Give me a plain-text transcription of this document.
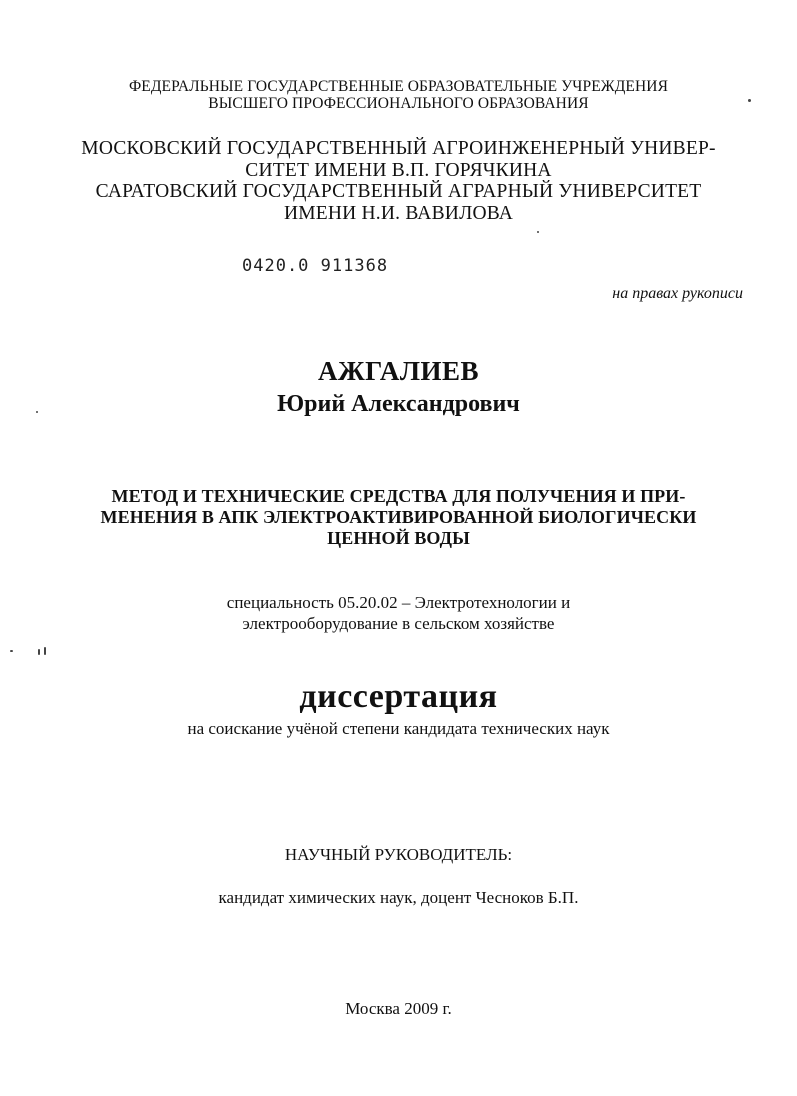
ФЕДЕРАЛЬНЫЕ ГОСУДАРСТВЕННЫЕ ОБРАЗОВАТЕЛЬНЫЕ УЧРЕЖДЕНИЯ
ВЫСШЕГО ПРОФЕССИОНАЛЬНОГО ОБРАЗОВАНИЯ
МОСКОВСКИЙ ГОСУДАРСТВЕННЫЙ АГРОИНЖЕНЕРНЫЙ УНИВЕР-
СИТЕТ ИМЕНИ В.П. ГОРЯЧКИНА
САРАТОВСКИЙ ГОСУДАРСТВЕННЫЙ АГРАРНЫЙ УНИВЕРСИТЕТ
ИМЕНИ Н.И. ВАВИЛОВА
0420.0 911368
на правах рукописи
АЖГАЛИЕВ
Юрий Александрович
МЕТОД И ТЕХНИЧЕСКИЕ СРЕДСТВА ДЛЯ ПОЛУЧЕНИЯ И ПРИ-
МЕНЕНИЯ В АПК ЭЛЕКТРОАКТИВИРОВАННОЙ БИОЛОГИЧЕСКИ
ЦЕННОЙ ВОДЫ
специальность 05.20.02 – Электротехнологии и
электрооборудование в сельском хозяйстве
диссертация
на соискание учёной степени кандидата технических наук
НАУЧНЫЙ РУКОВОДИТЕЛЬ:
кандидат химических наук, доцент Чесноков Б.П.
Москва 2009 г.
